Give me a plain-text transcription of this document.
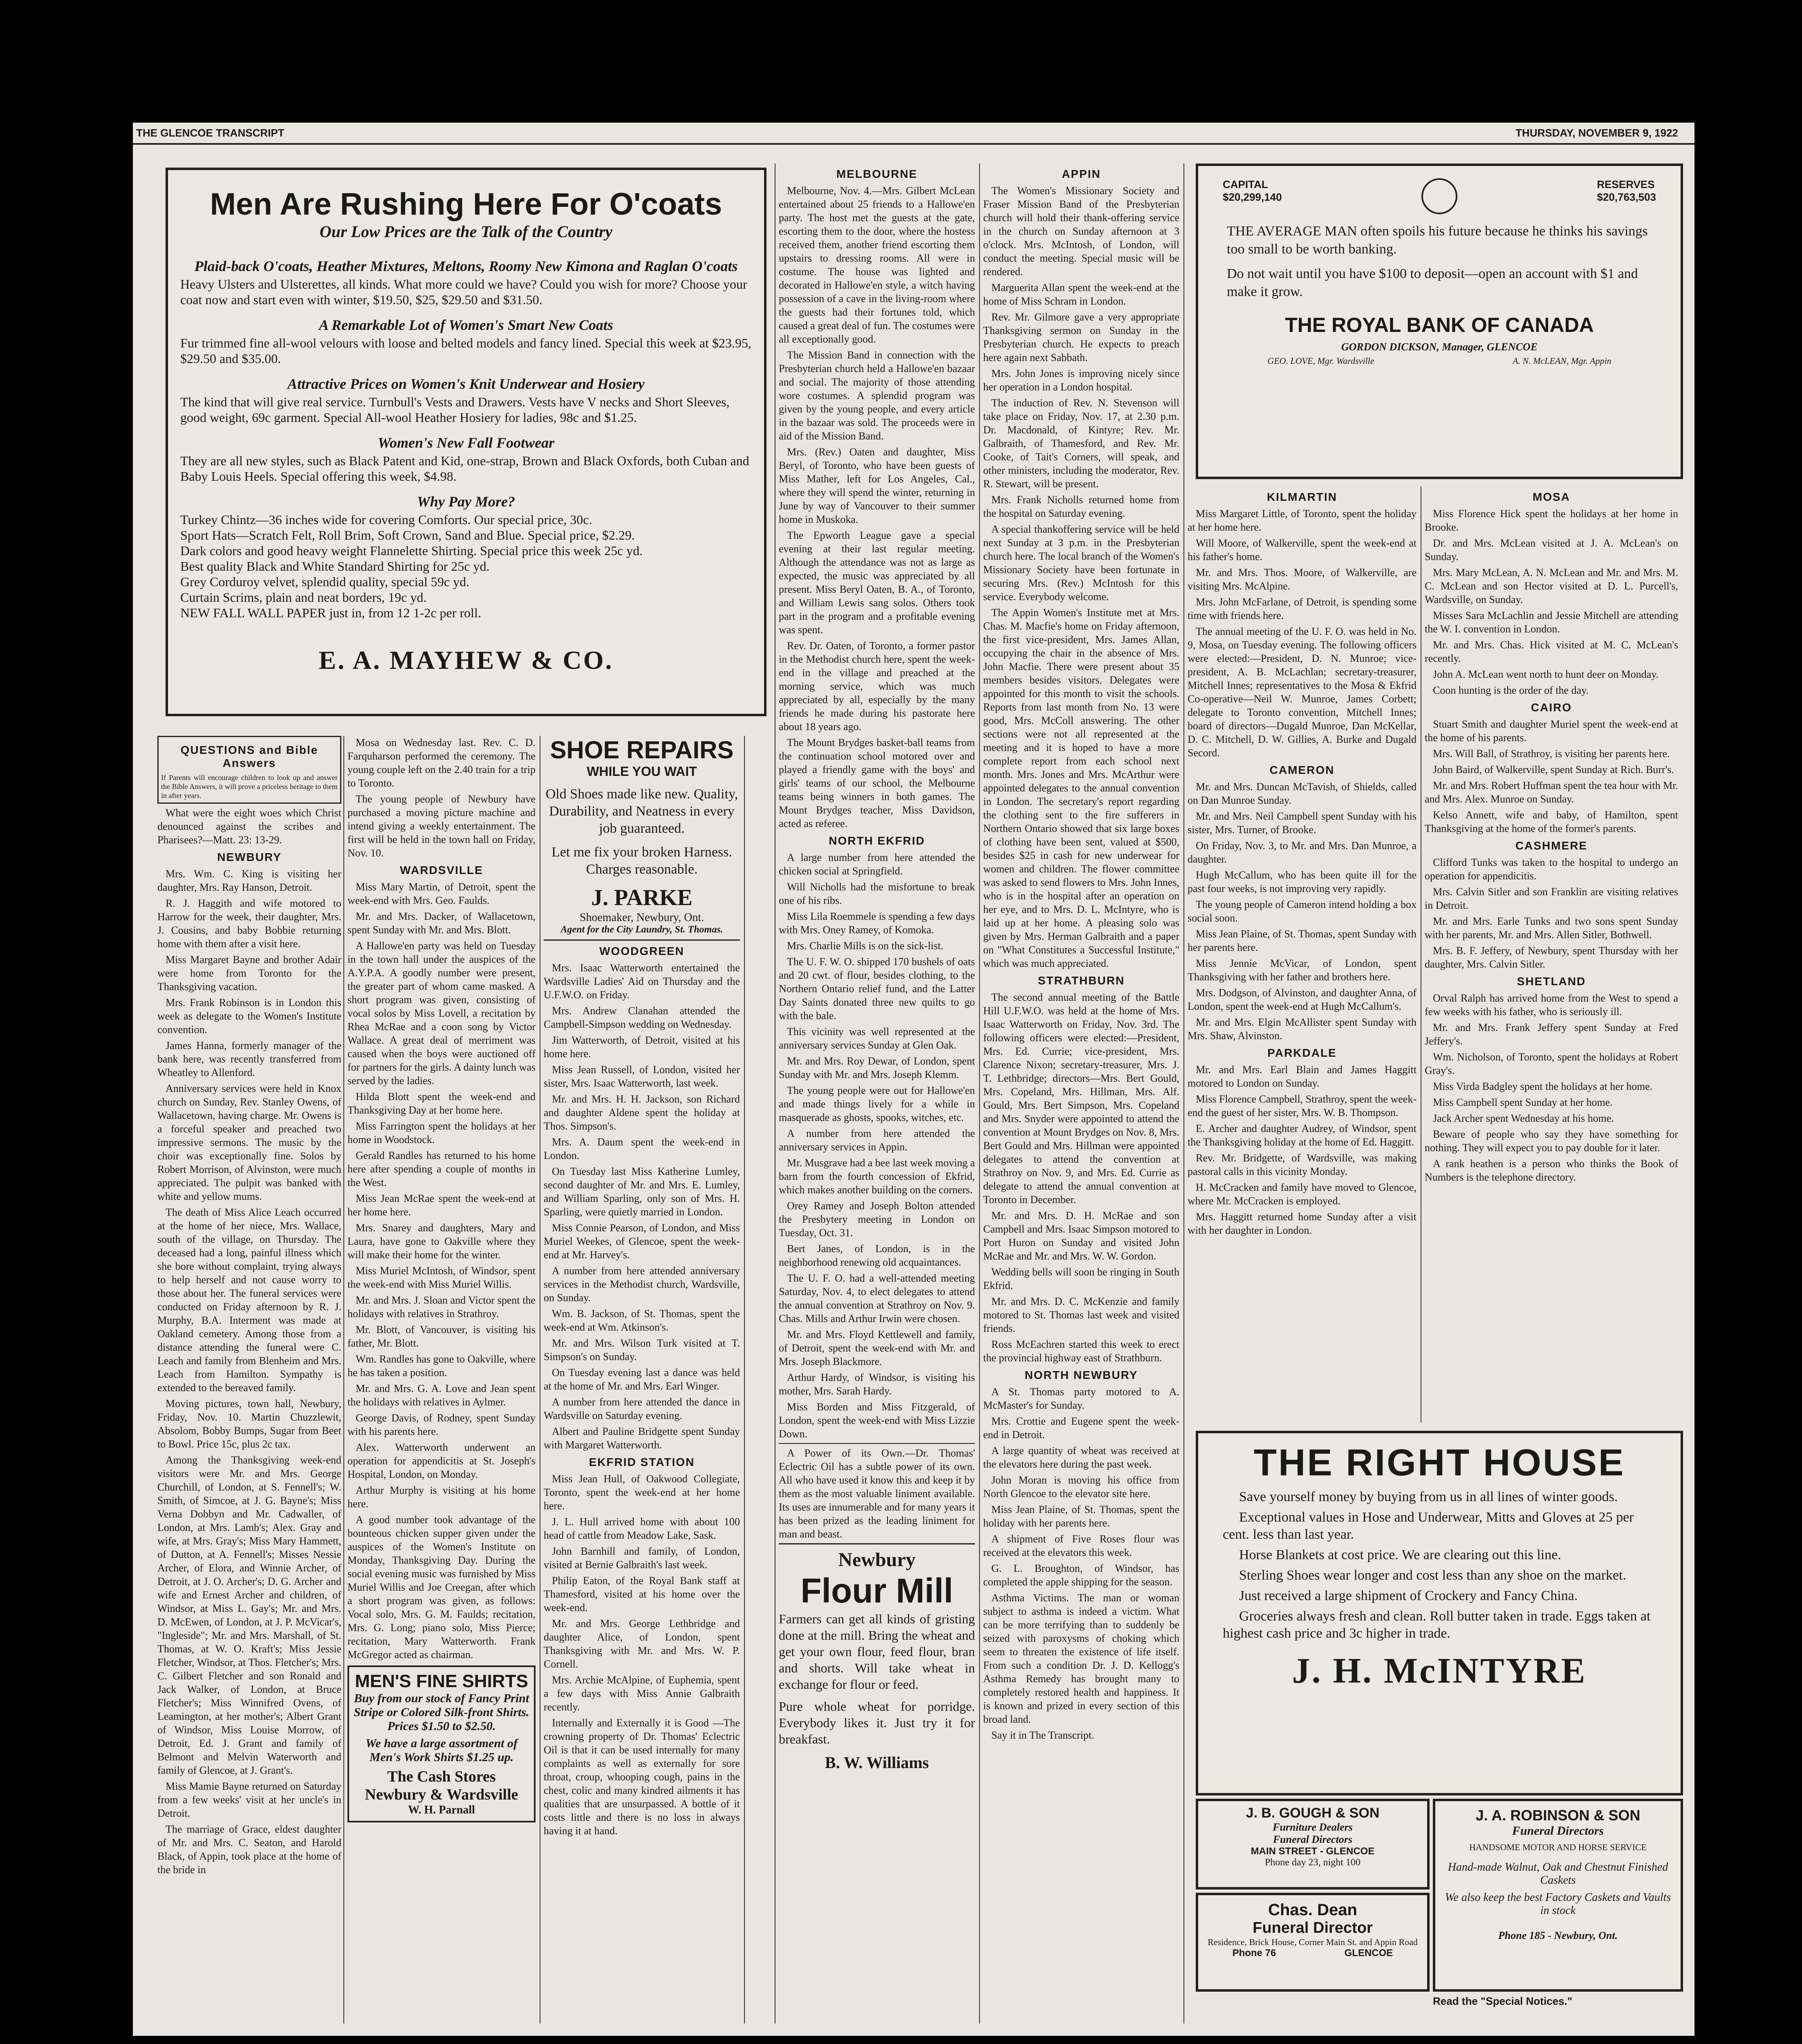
THE GLENCOE TRANSCRIPT	THURSDAY, NOVEMBER 9, 1922
Men Are Rushing Here For O'coats
Our Low Prices are the Talk of the Country
Plaid-back O'coats, Heather Mixtures, Meltons, Roomy New Kimona and Raglan O'coats
Heavy Ulsters and Ulsterettes, all kinds. What more could we have? Could you wish for more? Choose your coat now and start even with winter, $19.50, $25, $29.50 and $31.50.
A Remarkable Lot of Women's Smart New Coats
Fur trimmed fine all-wool velours with loose and belted models and fancy lined. Special this week at $23.95, $29.50 and $35.00.
Attractive Prices on Women's Knit Underwear and Hosiery
The kind that will give real service. Turnbull's Vests and Drawers. Vests have V necks and Short Sleeves, good weight, 69c garment. Special All-wool Heather Hosiery for ladies, 98c and $1.25.
Women's New Fall Footwear
They are all new styles, such as Black Patent and Kid, one-strap, Brown and Black Oxfords, both Cuban and Baby Louis Heels. Special offering this week, $4.98.
Why Pay More?
Turkey Chintz—36 inches wide for covering Comforts. Our special price, 30c.
Sport Hats—Scratch Felt, Roll Brim, Soft Crown, Sand and Blue. Special price, $2.29.
Dark colors and good heavy weight Flannelette Shirting. Special price this week 25c yd.
Best quality Black and White Standard Shirting for 25c yd.
Grey Corduroy velvet, splendid quality, special 59c yd.
Curtain Scrims, plain and neat borders, 19c yd.
NEW FALL WALL PAPER just in, from 12 1-2c per roll.
E. A. MAYHEW & CO.
QUESTIONS and Bible Answers
If Parents will encourage children to look up and answer the Bible Answers, it will prove a priceless heritage to them in after years.

What were the eight woes which Christ denounced against the scribes and Pharisees?—Matt. 23: 13-29.

NEWBURY

Mrs. Wm. C. King is visiting her daughter, Mrs. Ray Hanson, Detroit.

R. J. Haggith and wife motored to Harrow for the week, their daughter, Mrs. J. Cousins, and baby Bobbie returning home with them after a visit here.

Miss Margaret Bayne and brother Adair were home from Toronto for the Thanksgiving vacation.

Mrs. Frank Robinson is in London this week as delegate to the Women's Institute convention.

James Hanna, formerly manager of the bank here, was recently transferred from Wheatley to Allenford.

Anniversary services were held in Knox church on Sunday, Rev. Stanley Owens, of Wallacetown, having charge. Mr. Owens is a forceful speaker and preached two impressive sermons. The music by the choir was exceptionally fine. Solos by Robert Morrison, of Alvinston, were much appreciated. The pulpit was banked with white and yellow mums.

The death of Miss Alice Leach occurred at the home of her niece, Mrs. Wallace, south of the village, on Thursday. The deceased had a long, painful illness which she bore without complaint, trying always to help herself and not cause worry to those about her. The funeral services were conducted on Friday afternoon by R. J. Murphy, B.A. Interment was made at Oakland cemetery. Among those from a distance attending the funeral were C. Leach and family from Blenheim and Mrs. Leach from Hamilton. Sympathy is extended to the bereaved family.

Moving pictures, town hall, Newbury, Friday, Nov. 10. Martin Chuzzlewit, Absolom, Bobby Bumps, Sugar from Beet to Bowl. Price 15c, plus 2c tax.

Among the Thanksgiving week-end visitors were Mr. and Mrs. George Churchill, of London, at S. Fennell's; W. Smith, of Simcoe, at J. G. Bayne's; Miss Verna Dobbyn and Mr. Cadwaller, of London, at Mrs. Lamb's; Alex. Gray and wife, at Mrs. Gray's; Miss Mary Hammett, of Dutton, at A. Fennell's; Misses Nessie Archer, of Elora, and Winnie Archer, of Detroit, at J. O. Archer's; D. G. Archer and wife and Ernest Archer and children, of Windsor, at Miss L. Gay's; Mr. and Mrs. D. McEwen, of London, at J. P. McVicar's, "Ingleside"; Mr. and Mrs. Marshall, of St. Thomas, at W. O. Kraft's; Miss Jessie Fletcher, Windsor, at Thos. Fletcher's; Mrs. C. Gilbert Fletcher and son Ronald and Jack Walker, of London, at Bruce Fletcher's; Miss Winnifred Ovens, of Leamington, at her mother's; Albert Grant of Windsor, Miss Louise Morrow, of Detroit, Ed. J. Grant and family of Belmont and Melvin Waterworth and family of Glencoe, at J. Grant's.

Miss Mamie Bayne returned on Saturday from a few weeks' visit at her uncle's in Detroit.

The marriage of Grace, eldest daughter of Mr. and Mrs. C. Seaton, and Harold Black, of Appin, took place at the home of the bride in

Mosa on Wednesday last. Rev. C. D. Farquharson performed the ceremony. The young couple left on the 2.40 train for a trip to Toronto.

The young people of Newbury have purchased a moving picture machine and intend giving a weekly entertainment. The first will be held in the town hall on Friday, Nov. 10.

WARDSVILLE

Miss Mary Martin, of Detroit, spent the week-end with Mrs. Geo. Faulds.

Mr. and Mrs. Dacker, of Wallacetown, spent Sunday with Mr. and Mrs. Blott.

A Hallowe'en party was held on Tuesday in the town hall under the auspices of the A.Y.P.A. A goodly number were present, the greater part of whom came masked. A short program was given, consisting of vocal solos by Miss Lovell, a recitation by Rhea McRae and a coon song by Victor Wallace. A great deal of merriment was caused when the boys were auctioned off for partners for the girls. A dainty lunch was served by the ladies.

Hilda Blott spent the week-end and Thanksgiving Day at her home here.

Miss Farrington spent the holidays at her home in Woodstock.

Gerald Randles has returned to his home here after spending a couple of months in the West.

Miss Jean McRae spent the week-end at her home here.

Mrs. Snarey and daughters, Mary and Laura, have gone to Oakville where they will make their home for the winter.

Miss Muriel McIntosh, of Windsor, spent the week-end with Miss Muriel Willis.

Mr. and Mrs. J. Sloan and Victor spent the holidays with relatives in Strathroy.

Mr. Blott, of Vancouver, is visiting his father, Mr. Blott.

Wm. Randles has gone to Oakville, where he has taken a position.

Mr. and Mrs. G. A. Love and Jean spent the holidays with relatives in Aylmer.

George Davis, of Rodney, spent Sunday with his parents here.

Alex. Watterworth underwent an operation for appendicitis at St. Joseph's Hospital, London, on Monday.

Arthur Murphy is visiting at his home here.

A good number took advantage of the bounteous chicken supper given under the auspices of the Women's Institute on Monday, Thanksgiving Day. During the social evening music was furnished by Miss Muriel Willis and Joe Creegan, after which a short program was given, as follows: Vocal solo, Mrs. G. M. Faulds; recitation, Mrs. G. Long; piano solo, Miss Pierce; recitation, Mary Watterworth. Frank McGregor acted as chairman.

MEN'S FINE SHIRTS
Buy from our stock of Fancy Print Stripe or Colored Silk-front Shirts. Prices $1.50 to $2.50.
We have a large assortment of Men's Work Shirts $1.25 up.
The Cash Stores
Newbury & Wardsville
W. H. Parnall
SHOE REPAIRS
WHILE YOU WAIT
Old Shoes made like new. Quality, Durability, and Neatness in every job guaranteed.
Let me fix your broken Harness. Charges reasonable.
J. PARKE
Shoemaker, Newbury, Ont.
Agent for the City Laundry, St. Thomas.
WOODGREEN

Mrs. Isaac Watterworth entertained the Wardsville Ladies' Aid on Thursday and the U.F.W.O. on Friday.

Mrs. Andrew Clanahan attended the Campbell-Simpson wedding on Wednesday.

Jim Watterworth, of Detroit, visited at his home here.

Miss Jean Russell, of London, visited her sister, Mrs. Isaac Watterworth, last week.

Mr. and Mrs. H. H. Jackson, son Richard and daughter Aldene spent the holiday at Thos. Simpson's.

Mrs. A. Daum spent the week-end in London.

On Tuesday last Miss Katherine Lumley, second daughter of Mr. and Mrs. E. Lumley, and William Sparling, only son of Mrs. H. Sparling, were quietly married in London.

Miss Connie Pearson, of London, and Miss Muriel Weekes, of Glencoe, spent the week-end at Mr. Harvey's.

A number from here attended anniversary services in the Methodist church, Wardsville, on Sunday.

Wm. B. Jackson, of St. Thomas, spent the week-end at Wm. Atkinson's.

Mr. and Mrs. Wilson Turk visited at T. Simpson's on Sunday.

On Tuesday evening last a dance was held at the home of Mr. and Mrs. Earl Winger.

A number from here attended the dance in Wardsville on Saturday evening.

Albert and Pauline Bridgette spent Sunday with Margaret Watterworth.

EKFRID STATION

Miss Jean Hull, of Oakwood Collegiate, Toronto, spent the week-end at her home here.

J. L. Hull arrived home with about 100 head of cattle from Meadow Lake, Sask.

John Barnhill and family, of London, visited at Bernie Galbraith's last week.

Philip Eaton, of the Royal Bank staff at Thamesford, visited at his home over the week-end.

Mr. and Mrs. George Lethbridge and daughter Alice, of London, spent Thanksgiving with Mr. and Mrs. W. P. Cornell.

Mrs. Archie McAlpine, of Euphemia, spent a few days with Miss Annie Galbraith recently.

Internally and Externally it is Good —The crowning property of Dr. Thomas' Eclectric Oil is that it can be used internally for many complaints as well as externally for sore throat, croup, whooping cough, pains in the chest, colic and many kindred ailments it has qualities that are unsurpassed. A bottle of it costs little and there is no loss in always having it at hand.

MELBOURNE

Melbourne, Nov. 4.—Mrs. Gilbert McLean entertained about 25 friends to a Hallowe'en party. The host met the guests at the gate, escorting them to the door, where the hostess received them, another friend escorting them upstairs to dressing rooms. All were in costume. The house was lighted and decorated in Hallowe'en style, a witch having possession of a cave in the living-room where the guests had their fortunes told, which caused a great deal of fun. The costumes were all exceptionally good.

The Mission Band in connection with the Presbyterian church held a Hallowe'en bazaar and social. The majority of those attending wore costumes. A splendid program was given by the young people, and every article in the bazaar was sold. The proceeds were in aid of the Mission Band.

Mrs. (Rev.) Oaten and daughter, Miss Beryl, of Toronto, who have been guests of Miss Mather, left for Los Angeles, Cal., where they will spend the winter, returning in June by way of Vancouver to their summer home in Muskoka.

The Epworth League gave a special evening at their last regular meeting. Although the attendance was not as large as expected, the music was appreciated by all present. Miss Beryl Oaten, B. A., of Toronto, and William Lewis sang solos. Others took part in the program and a profitable evening was spent.

Rev. Dr. Oaten, of Toronto, a former pastor in the Methodist church here, spent the week-end in the village and preached at the morning service, which was much appreciated by all, especially by the many friends he made during his pastorate here about 18 years ago.

The Mount Brydges basket-ball teams from the continuation school motored over and played a friendly game with the boys' and girls' teams of our school, the Melbourne teams being winners in both games. The Mount Brydges teacher, Miss Davidson, acted as referee.

NORTH EKFRID

A large number from here attended the chicken social at Springfield.

Will Nicholls had the misfortune to break one of his ribs.

Miss Lila Roemmele is spending a few days with Mrs. Oney Ramey, of Komoka.

Mrs. Charlie Mills is on the sick-list.

The U. F. W. O. shipped 170 bushels of oats and 20 cwt. of flour, besides clothing, to the Northern Ontario relief fund, and the Latter Day Saints donated three new quilts to go with the bale.

This vicinity was well represented at the anniversary services Sunday at Glen Oak.

Mr. and Mrs. Roy Dewar, of London, spent Sunday with Mr. and Mrs. Joseph Klemm.

The young people were out for Hallowe'en and made things lively for a while in masquerade as ghosts, spooks, witches, etc.

A number from here attended the anniversary services in Appin.

Mr. Musgrave had a bee last week moving a barn from the fourth concession of Ekfrid, which makes another building on the corners.

Orey Ramey and Joseph Bolton attended the Presbytery meeting in London on Tuesday, Oct. 31.

Bert Janes, of London, is in the neighborhood renewing old acquaintances.

The U. F. O. had a well-attended meeting Saturday, Nov. 4, to elect delegates to attend the annual convention at Strathroy on Nov. 9. Chas. Mills and Arthur Irwin were chosen.

Mr. and Mrs. Floyd Kettlewell and family, of Detroit, spent the week-end with Mr. and Mrs. Joseph Blackmore.

Arthur Hardy, of Windsor, is visiting his mother, Mrs. Sarah Hardy.

Miss Borden and Miss Fitzgerald, of London, spent the week-end with Miss Lizzie Down.

A Power of its Own.—Dr. Thomas' Eclectric Oil has a subtle power of its own. All who have used it know this and keep it by them as the most valuable liniment available. Its uses are innumerable and for many years it has been prized as the leading liniment for man and beast.

Newbury
Flour Mill
Farmers can get all kinds of gristing done at the mill. Bring the wheat and get your own flour, feed flour, bran and shorts. Will take wheat in exchange for flour or feed.
Pure whole wheat for porridge. Everybody likes it. Just try it for breakfast.
B. W. Williams
APPIN

The Women's Missionary Society and Fraser Mission Band of the Presbyterian church will hold their thank-offering service in the church on Sunday afternoon at 3 o'clock. Mrs. McIntosh, of London, will conduct the meeting. Special music will be rendered.

Marguerita Allan spent the week-end at the home of Miss Schram in London.

Rev. Mr. Gilmore gave a very appropriate Thanksgiving sermon on Sunday in the Presbyterian church. He expects to preach here again next Sabbath.

Mrs. John Jones is improving nicely since her operation in a London hospital.

The induction of Rev. N. Stevenson will take place on Friday, Nov. 17, at 2.30 p.m. Dr. Macdonald, of Kintyre; Rev. Mr. Galbraith, of Thamesford, and Rev. Mr. Cooke, of Tait's Corners, will speak, and other ministers, including the moderator, Rev. R. Stewart, will be present.

Mrs. Frank Nicholls returned home from the hospital on Saturday evening.

A special thankoffering service will be held next Sunday at 3 p.m. in the Presbyterian church here. The local branch of the Women's Missionary Society have been fortunate in securing Mrs. (Rev.) McIntosh for this service. Everybody welcome.

The Appin Women's Institute met at Mrs. Chas. M. Macfie's home on Friday afternoon, the first vice-president, Mrs. James Allan, occupying the chair in the absence of Mrs. John Macfie. There were present about 35 members besides visitors. Delegates were appointed for this month to visit the schools. Reports from last month from No. 13 were good, Mrs. McColl answering. The other sections were not all represented at the meeting and it is hoped to have a more complete report from each school next month. Mrs. Jones and Mrs. McArthur were appointed delegates to the annual convention in London. The secretary's report regarding the clothing sent to the fire sufferers in Northern Ontario showed that six large boxes of clothing have been sent, valued at $500, besides $25 in cash for new underwear for women and children. The flower committee was asked to send flowers to Mrs. John Innes, who is in the hospital after an operation on her eye, and to Mrs. D. L. McIntyre, who is laid up at her home. A pleasing solo was given by Mrs. Herman Galbraith and a paper on "What Constitutes a Successful Institute," which was much appreciated.

STRATHBURN

The second annual meeting of the Battle Hill U.F.W.O. was held at the home of Mrs. Isaac Watterworth on Friday, Nov. 3rd. The following officers were elected:—President, Mrs. Ed. Currie; vice-president, Mrs. Clarence Nixon; secretary-treasurer, Mrs. J. T. Lethbridge; directors—Mrs. Bert Gould, Mrs. Copeland, Mrs. Hillman, Mrs. Alf. Gould, Mrs. Bert Simpson, Mrs. Copeland and Mrs. Snyder were appointed to attend the convention at Mount Brydges on Nov. 8, Mrs. Bert Gould and Mrs. Hillman were appointed delegates to attend the convention at Strathroy on Nov. 9, and Mrs. Ed. Currie as delegate to attend the annual convention at Toronto in December.

Mr. and Mrs. D. H. McRae and son Campbell and Mrs. Isaac Simpson motored to Port Huron on Sunday and visited John McRae and Mr. and Mrs. W. W. Gordon.

Wedding bells will soon be ringing in South Ekfrid.

Mr. and Mrs. D. C. McKenzie and family motored to St. Thomas last week and visited friends.

Ross McEachren started this week to erect the provincial highway east of Strathburn.

NORTH NEWBURY

A St. Thomas party motored to A. McMaster's for Sunday.

Mrs. Crottie and Eugene spent the week-end in Detroit.

A large quantity of wheat was received at the elevators here during the past week.

John Moran is moving his office from North Glencoe to the elevator site here.

Miss Jean Plaine, of St. Thomas, spent the holiday with her parents here.

A shipment of Five Roses flour was received at the elevators this week.

G. L. Broughton, of Windsor, has completed the apple shipping for the season.

Asthma Victims. The man or woman subject to asthma is indeed a victim. What can be more terrifying than to suddenly be seized with paroxysms of choking which seem to threaten the existence of life itself. From such a condition Dr. J. D. Kellogg's Asthma Remedy has brought many to completely restored health and happiness. It is known and prized in every section of this broad land.

Say it in The Transcript.

CAPITAL
$20,299,140
RESERVES
$20,763,503
THE AVERAGE MAN often spoils his future because he thinks his savings too small to be worth banking.
Do not wait until you have $100 to deposit—open an account with $1 and make it grow.
THE ROYAL BANK OF CANADA
GORDON DICKSON, Manager, GLENCOE
GEO. LOVE, Mgr. Wardsville	A. N. McLEAN, Mgr. Appin
KILMARTIN

Miss Margaret Little, of Toronto, spent the holiday at her home here.

Will Moore, of Walkerville, spent the week-end at his father's home.

Mr. and Mrs. Thos. Moore, of Walkerville, are visiting Mrs. McAlpine.

Mrs. John McFarlane, of Detroit, is spending some time with friends here.

The annual meeting of the U. F. O. was held in No. 9, Mosa, on Tuesday evening. The following officers were elected:—President, D. N. Munroe; vice-president, A. B. McLachlan; secretary-treasurer, Mitchell Innes; representatives to the Mosa & Ekfrid Co-operative—Neil W. Munroe, James Corbett; delegate to Toronto convention, Mitchell Innes; board of directors—Dugald Munroe, Dan McKellar, D. C. Mitchell, D. W. Gillies, A. Burke and Dugald Secord.

CAMERON

Mr. and Mrs. Duncan McTavish, of Shields, called on Dan Munroe Sunday.

Mr. and Mrs. Neil Campbell spent Sunday with his sister, Mrs. Turner, of Brooke.

On Friday, Nov. 3, to Mr. and Mrs. Dan Munroe, a daughter.

Hugh McCallum, who has been quite ill for the past four weeks, is not improving very rapidly.

The young people of Cameron intend holding a box social soon.

Miss Jean Plaine, of St. Thomas, spent Sunday with her parents here.

Miss Jennie McVicar, of London, spent Thanksgiving with her father and brothers here.

Mrs. Dodgson, of Alvinston, and daughter Anna, of London, spent the week-end at Hugh McCallum's.

Mr. and Mrs. Elgin McAllister spent Sunday with Mrs. Shaw, Alvinston.

PARKDALE

Mr. and Mrs. Earl Blain and James Haggitt motored to London on Sunday.

Miss Florence Campbell, Strathroy, spent the week-end the guest of her sister, Mrs. W. B. Thompson.

E. Archer and daughter Audrey, of Windsor, spent the Thanksgiving holiday at the home of Ed. Haggitt.

Rev. Mr. Bridgette, of Wardsville, was making pastoral calls in this vicinity Monday.

H. McCracken and family have moved to Glencoe, where Mr. McCracken is employed.

Mrs. Haggitt returned home Sunday after a visit with her daughter in London.

MOSA

Miss Florence Hick spent the holidays at her home in Brooke.

Dr. and Mrs. McLean visited at J. A. McLean's on Sunday.

Mrs. Mary McLean, A. N. McLean and Mr. and Mrs. M. C. McLean and son Hector visited at D. L. Purcell's, Wardsville, on Sunday.

Misses Sara McLachlin and Jessie Mitchell are attending the W. I. convention in London.

Mr. and Mrs. Chas. Hick visited at M. C. McLean's recently.

John A. McLean went north to hunt deer on Monday.

Coon hunting is the order of the day.

CAIRO

Stuart Smith and daughter Muriel spent the week-end at the home of his parents.

Mrs. Will Ball, of Strathroy, is visiting her parents here.

John Baird, of Walkerville, spent Sunday at Rich. Burr's.

Mr. and Mrs. Robert Huffman spent the tea hour with Mr. and Mrs. Alex. Munroe on Sunday.

Kelso Annett, wife and baby, of Hamilton, spent Thanksgiving at the home of the former's parents.

CASHMERE

Clifford Tunks was taken to the hospital to undergo an operation for appendicitis.

Mrs. Calvin Sitler and son Franklin are visiting relatives in Detroit.

Mr. and Mrs. Earle Tunks and two sons spent Sunday with her parents, Mr. and Mrs. Allen Sitler, Bothwell.

Mrs. B. F. Jeffery, of Newbury, spent Thursday with her daughter, Mrs. Calvin Sitler.

SHETLAND

Orval Ralph has arrived home from the West to spend a few weeks with his father, who is seriously ill.

Mr. and Mrs. Frank Jeffery spent Sunday at Fred Jeffery's.

Wm. Nicholson, of Toronto, spent the holidays at Robert Gray's.

Miss Virda Badgley spent the holidays at her home.

Miss Campbell spent Sunday at her home.

Jack Archer spent Wednesday at his home.

Beware of people who say they have something for nothing. They will expect you to pay double for it later.

A rank heathen is a person who thinks the Book of Numbers is the telephone directory.

THE RIGHT HOUSE

Save yourself money by buying from us in all lines of winter goods.

Exceptional values in Hose and Underwear, Mitts and Gloves at 25 per cent. less than last year.

Horse Blankets at cost price. We are clearing out this line.

Sterling Shoes wear longer and cost less than any shoe on the market.

Just received a large shipment of Crockery and Fancy China.

Groceries always fresh and clean. Roll butter taken in trade. Eggs taken at highest cash price and 3c higher in trade.

J. H. McINTYRE
J. B. GOUGH & SON
Furniture Dealers
Funeral Directors
MAIN STREET - GLENCOE
Phone day 23, night 100
Chas. Dean
Funeral Director
Residence, Brick House, Corner Main St. and Appin Road
Phone 76	GLENCOE
J. A. ROBINSON & SON
Funeral Directors
HANDSOME MOTOR AND HORSE SERVICE
Hand-made Walnut, Oak and Chestnut Finished Caskets
We also keep the best Factory Caskets and Vaults in stock
Phone 185 - Newbury, Ont.
Read the "Special Notices."
